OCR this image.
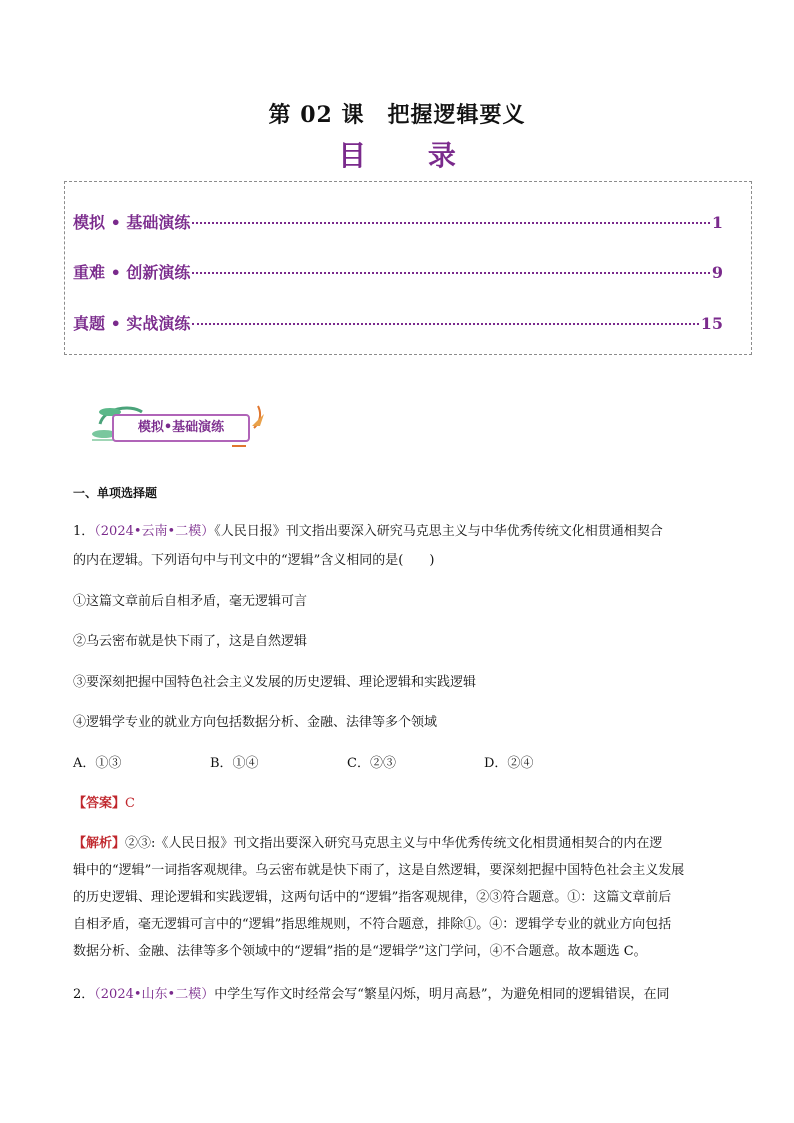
第 02 课　把握逻辑要义
目 录
模拟 • 基础演练	1
重难 • 创新演练	9
真题 • 实战演练	15
模拟•基础演练
一、单项选择题
1．（2024•云南•二模）《人民日报》刊文指出要深入研究马克思主义与中华优秀传统文化相贯通相契合
的内在逻辑。下列语句中与刊文中的“逻辑”含义相同的是(　　)
①这篇文章前后自相矛盾，毫无逻辑可言
②乌云密布就是快下雨了，这是自然逻辑
③要深刻把握中国特色社会主义发展的历史逻辑、理论逻辑和实践逻辑
④逻辑学专业的就业方向包括数据分析、金融、法律等多个领域
A．①③	B．①④	C．②③	D．②④
【答案】C
【解析】②③:《人民日报》刊文指出要深入研究马克思主义与中华优秀传统文化相贯通相契合的内在逻
辑中的“逻辑”一词指客观规律。乌云密布就是快下雨了，这是自然逻辑，要深刻把握中国特色社会主义发展
的历史逻辑、理论逻辑和实践逻辑，这两句话中的“逻辑”指客观规律，②③符合题意。①：这篇文章前后
自相矛盾，毫无逻辑可言中的“逻辑”指思维规则，不符合题意，排除①。④：逻辑学专业的就业方向包括
数据分析、金融、法律等多个领域中的“逻辑”指的是“逻辑学”这门学问，④不合题意。故本题选 C。
2．（2024•山东•二模）中学生写作文时经常会写“繁星闪烁，明月高悬”，为避免相同的逻辑错误，在同
